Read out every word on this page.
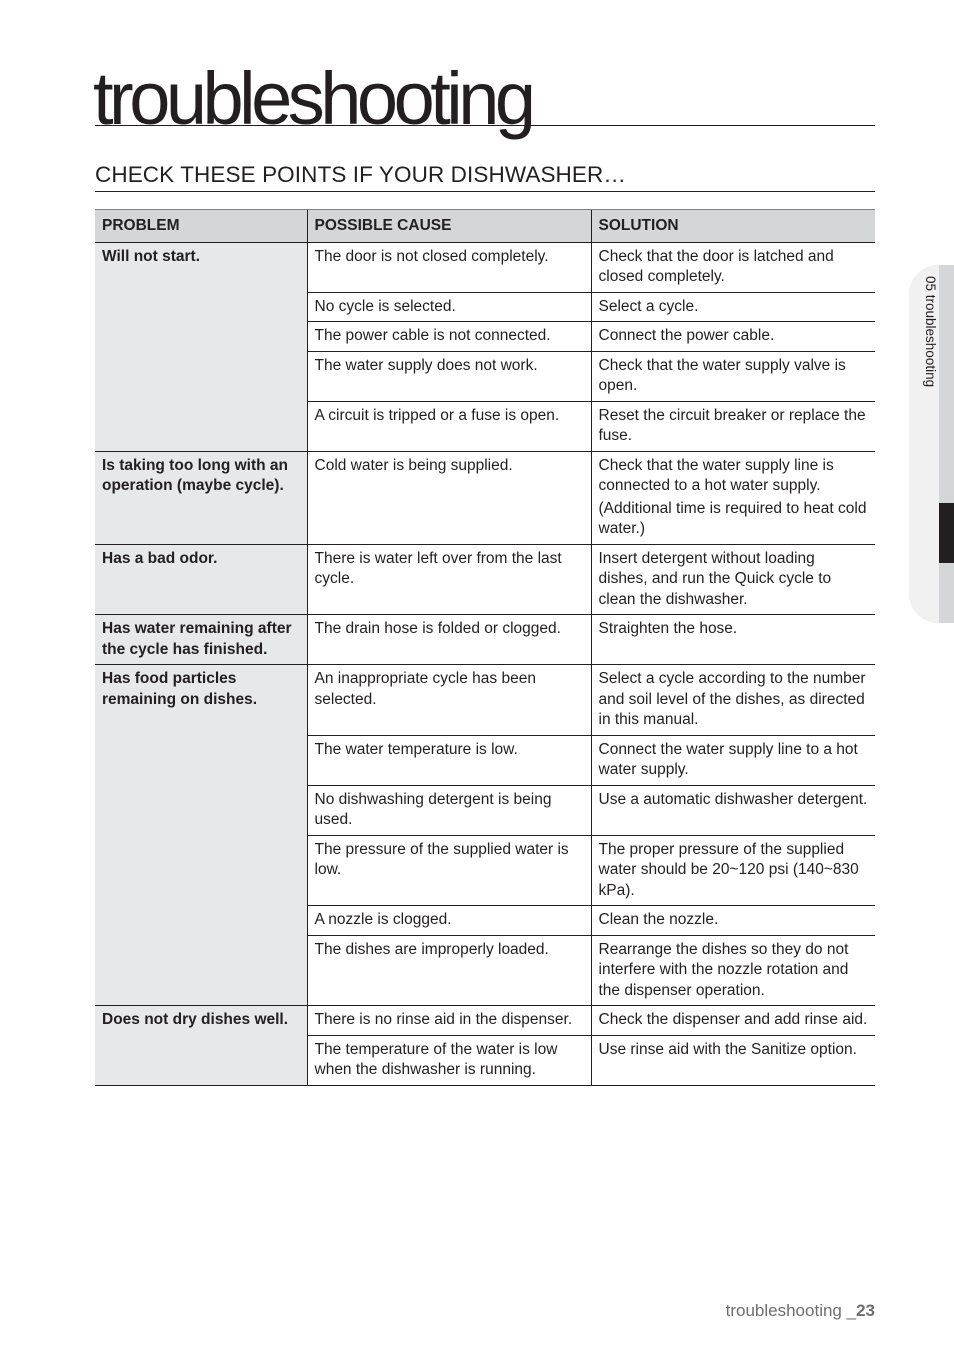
troubleshooting
CHECK THESE POINTS IF YOUR DISHWASHER…
05 troubleshooting
PROBLEM	POSSIBLE CAUSE	SOLUTION
Will not start.	The door is not closed completely.	Check that the door is latched and closed completely.
	No cycle is selected.	Select a cycle.
	The power cable is not connected.	Connect the power cable.
	The water supply does not work.	Check that the water supply valve is open.
	A circuit is tripped or a fuse is open.	Reset the circuit breaker or replace the fuse.
Is taking too long with an operation (maybe cycle).	Cold water is being supplied.	Check that the water supply line is connected to a hot water supply.
(Additional time is required to heat cold water.)

Has a bad odor.	There is water left over from the last cycle.	Insert detergent without loading dishes, and run the Quick cycle to clean the dishwasher.
Has water remaining after the cycle has finished.	The drain hose is folded or clogged.	Straighten the hose.
Has food particles remaining on dishes.	An inappropriate cycle has been selected.	Select a cycle according to the number and soil level of the dishes, as directed in this manual.
	The water temperature is low.	Connect the water supply line to a hot water supply.
	No dishwashing detergent is being used.	Use a automatic dishwasher detergent.
	The pressure of the supplied water is low.	The proper pressure of the supplied water should be 20~120 psi (140~830 kPa).
	A nozzle is clogged.	Clean the nozzle.
	The dishes are improperly loaded.	Rearrange the dishes so they do not interfere with the nozzle rotation and the dispenser operation.
Does not dry dishes well.	There is no rinse aid in the dispenser.	Check the dispenser and add rinse aid.
	The temperature of the water is low when the dishwasher is running.	Use rinse aid with the Sanitize option.
troubleshooting _23
